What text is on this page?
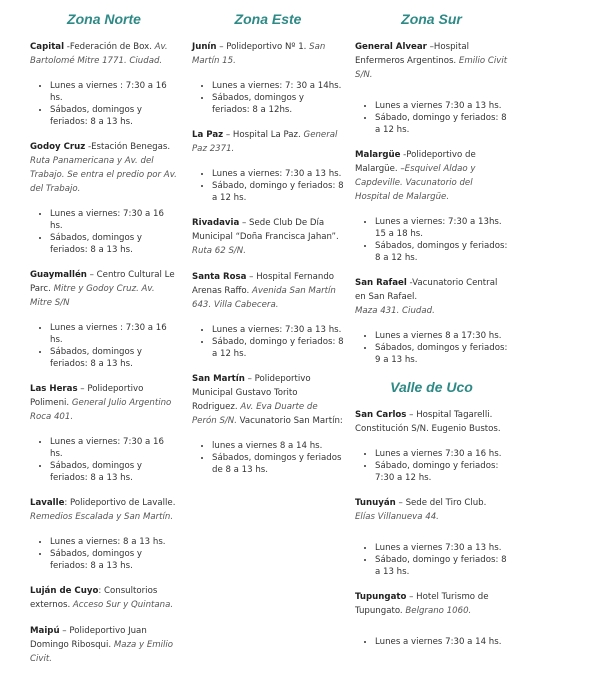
Zona Norte

Capital -Federación de Box. Av. Bartolomé Mitre 1771. Ciudad.

• Lunes a viernes : 7:30 a 16 hs.
• Sábados, domingos y feriados: 8 a 13 hs.

Godoy Cruz -Estación Benegas. Ruta Panamericana y Av. del Trabajo. Se entra el predio por Av. del Trabajo.

• Lunes a viernes: 7:30 a 16 hs.
• Sábados, domingos y feriados: 8 a 13 hs.

Guaymallén – Centro Cultural Le Parc. Mitre y Godoy Cruz. Av. Mitre S/N

• Lunes a viernes : 7:30 a 16 hs.
• Sábados, domingos y feriados: 8 a 13 hs.

Las Heras – Polideportivo Polimeni. General Julio Argentino Roca 401.

• Lunes a viernes: 7:30 a 16 hs.
• Sábados, domingos y feriados: 8 a 13 hs.

Lavalle: Polideportivo de Lavalle. Remedios Escalada y San Martín.

• Lunes a viernes: 8 a 13 hs.
• Sábados, domingos y feriados: 8 a 13 hs.

Luján de Cuyo: Consultorios externos. Acceso Sur y Quintana.

Maipú – Polideportivo Juan Domingo Ribosqui. Maza y Emilio Civit.

Zona Este

Junín – Polideportivo Nº 1. San Martín 15.

• Lunes a viernes: 7: 30 a 14hs.
• Sábados, domingos y feriados: 8 a 12hs.

La Paz – Hospital La Paz. General Paz 2371.

• Lunes a viernes: 7:30 a 13 hs.
• Sábado, domingo y feriados: 8 a 12 hs.

Rivadavia – Sede Club De Día Municipal “Doña Francisca Jahan”. Ruta 62 S/N.

Santa Rosa – Hospital Fernando Arenas Raffo. Avenida San Martín 643. Villa Cabecera.

• Lunes a viernes: 7:30 a 13 hs.
• Sábado, domingo y feriados: 8 a 12 hs.

San Martín – Polideportivo Municipal Gustavo Torito Rodriguez. Av. Eva Duarte de Perón S/N. Vacunatorio San Martín:

• lunes a viernes 8 a 14 hs.
• Sábados, domingos y feriados de 8 a 13 hs.
Zona Sur

General Alvear –Hospital Enfermeros Argentinos. Emilio Civit S/N.

• Lunes a viernes 7:30 a 13 hs.
• Sábado, domingo y feriados: 8 a 12 hs.

Malargüe -Polideportivo de Malargüe. –Esquivel Aldao y Capdeville. Vacunatorio del Hospital de Malargüe.

• Lunes a viernes: 7:30 a 13hs. 15 a 18 hs.
• Sábados, domingos y feriados: 8 a 12 hs.

San Rafael -Vacunatorio Central en San Rafael.
Maza 431. Ciudad.

• Lunes a viernes 8 a 17:30 hs.
• Sábados, domingos y feriados: 9 a 13 hs.
Valle de Uco

San Carlos – Hospital Tagarelli. Constitución S/N. Eugenio Bustos.

• Lunes a viernes 7:30 a 16 hs.
• Sábado, domingo y feriados: 7:30 a 12 hs.

Tunuyán – Sede del Tiro Club. Elías Villanueva 44.

• Lunes a viernes 7:30 a 13 hs.
• Sábado, domingo y feriados: 8 a 13 hs.

Tupungato – Hotel Turismo de Tupungato. Belgrano 1060.

• Lunes a viernes 7:30 a 14 hs.
